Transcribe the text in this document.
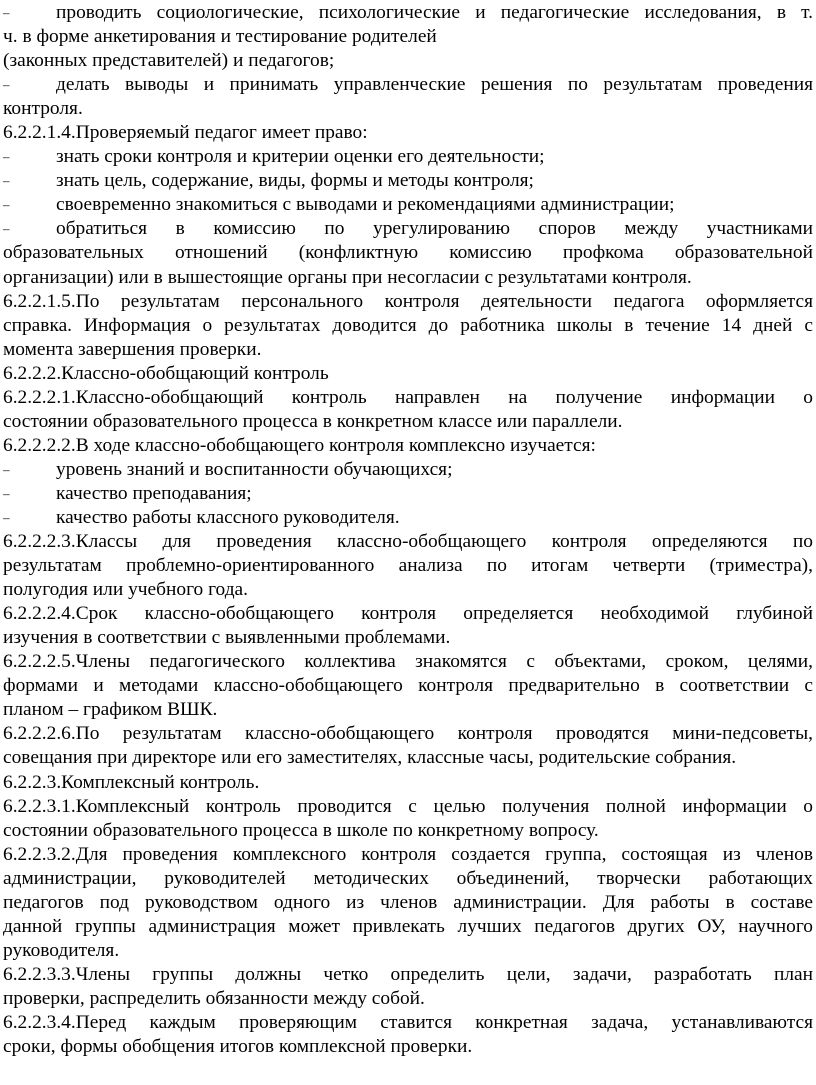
– проводить социологические, психологические и педагогические исследования, в т.
ч. в форме анкетирования и тестирование родителей
(законных представителей) и педагогов;
– делать выводы и принимать управленческие решения по результатам проведения
контроля.
6.2.2.1.4.Проверяемый педагог имеет право:
– знать сроки контроля и критерии оценки его деятельности;
– знать цель, содержание, виды, формы и методы контроля;
– своевременно знакомиться с выводами и рекомендациями администрации;
– обратиться в комиссию по урегулированию споров между участниками
образовательных отношений (конфликтную комиссию профкома образовательной
организации) или в вышестоящие органы при несогласии с результатами контроля.
6.2.2.1.5.По результатам персонального контроля деятельности педагога оформляется
справка. Информация о результатах доводится до работника школы в течение 14 дней с
момента завершения проверки.
6.2.2.2.Классно-обобщающий контроль
6.2.2.2.1.Классно-обобщающий контроль направлен на получение информации о
состоянии образовательного процесса в конкретном классе или параллели.
6.2.2.2.2.В ходе классно-обобщающего контроля комплексно изучается:
– уровень знаний и воспитанности обучающихся;
– качество преподавания;
– качество работы классного руководителя.
6.2.2.2.3.Классы для проведения классно-обобщающего контроля определяются по
результатам проблемно-ориентированного анализа по итогам четверти (триместра),
полугодия или учебного года.
6.2.2.2.4.Срок классно-обобщающего контроля определяется необходимой глубиной
изучения в соответствии с выявленными проблемами.
6.2.2.2.5.Члены педагогического коллектива знакомятся с объектами, сроком, целями,
формами и методами классно-обобщающего контроля предварительно в соответствии с
планом – графиком ВШК.
6.2.2.2.6.По результатам классно-обобщающего контроля проводятся мини-педсоветы,
совещания при директоре или его заместителях, классные часы, родительские собрания.
6.2.2.3.Комплексный контроль.
6.2.2.3.1.Комплексный контроль проводится с целью получения полной информации о
состоянии образовательного процесса в школе по конкретному вопросу.
6.2.2.3.2.Для проведения комплексного контроля создается группа, состоящая из членов
администрации, руководителей методических объединений, творчески работающих
педагогов под руководством одного из членов администрации. Для работы в составе
данной группы администрация может привлекать лучших педагогов других ОУ, научного
руководителя.
6.2.2.3.3.Члены группы должны четко определить цели, задачи, разработать план
проверки, распределить обязанности между собой.
6.2.2.3.4.Перед каждым проверяющим ставится конкретная задача, устанавливаются
сроки, формы обобщения итогов комплексной проверки.
